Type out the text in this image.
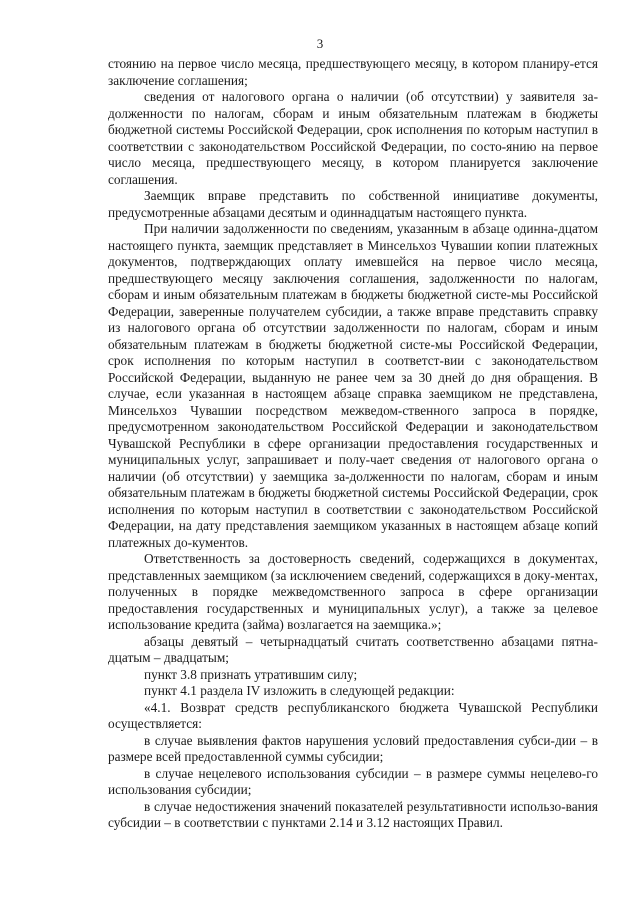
3

стоянию на первое число месяца, предшествующего месяцу, в котором планиру-ется заключение соглашения;

сведения от налогового органа о наличии (об отсутствии) у заявителя за-долженности по налогам, сборам и иным обязательным платежам в бюджеты бюджетной системы Российской Федерации, срок исполнения по которым наступил в соответствии с законодательством Российской Федерации, по состо-янию на первое число месяца, предшествующего месяцу, в котором планируется заключение соглашения.

Заемщик вправе представить по собственной инициативе документы, предусмотренные абзацами десятым и одиннадцатым настоящего пункта.

При наличии задолженности по сведениям, указанным в абзаце одинна-дцатом настоящего пункта, заемщик представляет в Минсельхоз Чувашии копии платежных документов, подтверждающих оплату имевшейся на первое число месяца, предшествующего месяцу заключения соглашения, задолженности по налогам, сборам и иным обязательным платежам в бюджеты бюджетной систе-мы Российской Федерации, заверенные получателем субсидии, а также вправе представить справку из налогового органа об отсутствии задолженности по налогам, сборам и иным обязательным платежам в бюджеты бюджетной систе-мы Российской Федерации, срок исполнения по которым наступил в соответст-вии с законодательством Российской Федерации, выданную не ранее чем за 30 дней до дня обращения. В случае, если указанная в настоящем абзаце справка заемщиком не представлена, Минсельхоз Чувашии посредством межведом-ственного запроса в порядке, предусмотренном законодательством Российской Федерации и законодательством Чувашской Республики в сфере организации предоставления государственных и муниципальных услуг, запрашивает и полу-чает сведения от налогового органа о наличии (об отсутствии) у заемщика за-долженности по налогам, сборам и иным обязательным платежам в бюджеты бюджетной системы Российской Федерации, срок исполнения по которым наступил в соответствии с законодательством Российской Федерации, на дату представления заемщиком указанных в настоящем абзаце копий платежных до-кументов.

Ответственность за достоверность сведений, содержащихся в документах, представленных заемщиком (за исключением сведений, содержащихся в доку-ментах, полученных в порядке межведомственного запроса в сфере организации предоставления государственных и муниципальных услуг), а также за целевое использование кредита (займа) возлагается на заемщика.»;

абзацы девятый – четырнадцатый считать соответственно абзацами пятна-дцатым – двадцатым;

пункт 3.8 признать утратившим силу;

пункт 4.1 раздела IV изложить в следующей редакции:

«4.1. Возврат средств республиканского бюджета Чувашской Республики осуществляется:

в случае выявления фактов нарушения условий предоставления субси-дии – в размере всей предоставленной суммы субсидии;

в случае нецелевого использования субсидии – в размере суммы нецелево-го использования субсидии;

в случае недостижения значений показателей результативности использо-вания субсидии – в соответствии с пунктами 2.14 и 3.12 настоящих Правил.
